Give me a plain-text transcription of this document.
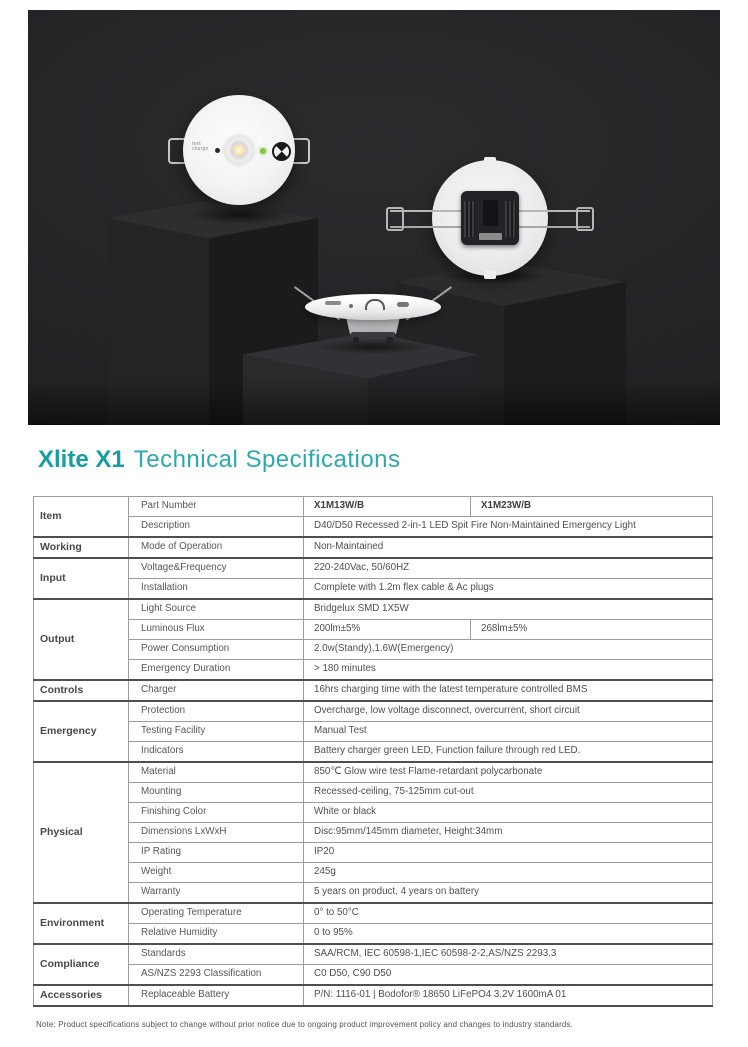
test

charge
Xlite X1 Technical Specifications
Item	Part Number	X1M13W/B	X1M23W/B
	Description	D40/D50 Recessed 2-in-1 LED Spit Fire Non-Maintained Emergency Light	
Working	Mode of Operation	Non-Maintained	
Input	Voltage&Frequency	220-240Vac, 50/60HZ	
	Installation	Complete with 1.2m flex cable & Ac plugs	
Output	Light Source	Bridgelux SMD 1X5W	
	Luminous Flux	200lm±5%	268lm±5%
	Power Consumption	2.0w(Standy),1.6W(Emergency)	
	Emergency Duration	> 180 minutes	
Controls	Charger	16hrs charging time with the latest temperature controlled BMS	
Emergency	Protection	Overcharge, low voltage disconnect, overcurrent, short circuit	
	Testing Facility	Manual Test	
	Indicators	Battery charger green LED, Function failure through red LED.	
Physical	Material	850℃ Glow wire test Flame-retardant polycarbonate	
	Mounting	Recessed-ceiling, 75-125mm cut-out	
	Finishing Color	White or black	
	Dimensions LxWxH	Disc:95mm/145mm diameter, Height:34mm	
	IP Rating	IP20	
	Weight	245g	
	Warranty	5 years on product, 4 years on battery	
Environment	Operating Temperature	0° to 50°C	
	Relative Humidity	0 to 95%	
Compliance	Standards	SAA/RCM, IEC 60598-1,IEC 60598-2-2,AS/NZS 2293.3	
	AS/NZS 2293 Classification	C0 D50, C90 D50	
Accessories	Replaceable Battery	P/N: 1116-01 | Bodofor® 18650 LiFePO4 3.2V 1600mA 01	

Note: Product specifications subject to change without prior notice due to ongoing product improvement policy and changes to industry standards.
